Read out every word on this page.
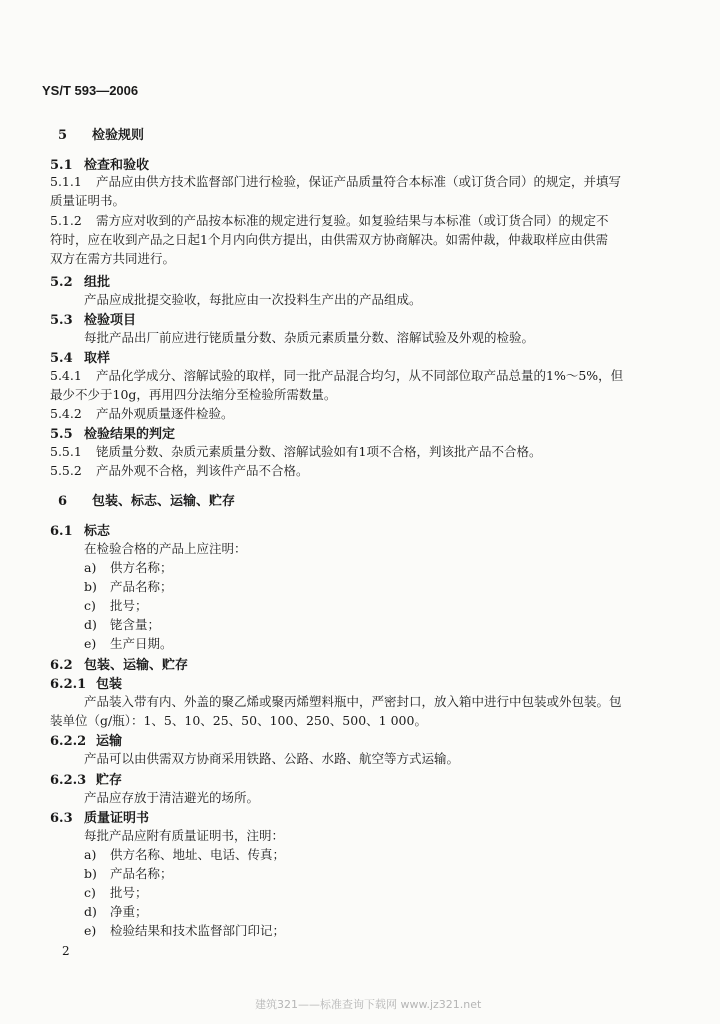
YS/T 593—2006
5 检验规则
5.1 检查和验收
5.1.1 产品应由供方技术监督部门进行检验，保证产品质量符合本标准（或订货合同）的规定，并填写
质量证明书。
5.1.2 需方应对收到的产品按本标准的规定进行复验。如复验结果与本标准（或订货合同）的规定不
符时，应在收到产品之日起1个月内向供方提出，由供需双方协商解决。如需仲裁，仲裁取样应由供需
双方在需方共同进行。
5.2 组批
产品应成批提交验收，每批应由一次投料生产出的产品组成。
5.3 检验项目
每批产品出厂前应进行铑质量分数、杂质元素质量分数、溶解试验及外观的检验。
5.4 取样
5.4.1 产品化学成分、溶解试验的取样，同一批产品混合均匀，从不同部位取产品总量的1%～5%，但
最少不少于10g，再用四分法缩分至检验所需数量。
5.4.2 产品外观质量逐件检验。
5.5 检验结果的判定
5.5.1 铑质量分数、杂质元素质量分数、溶解试验如有1项不合格，判该批产品不合格。
5.5.2 产品外观不合格，判该件产品不合格。
6 包装、标志、运输、贮存
6.1 标志
在检验合格的产品上应注明：
a) 供方名称；
b) 产品名称；
c) 批号；
d) 铑含量；
e) 生产日期。
6.2 包装、运输、贮存
6.2.1 包装
产品装入带有内、外盖的聚乙烯或聚丙烯塑料瓶中，严密封口，放入箱中进行中包装或外包装。包
装单位（g/瓶）：1、5、10、25、50、100、250、500、1 000。
6.2.2 运输
产品可以由供需双方协商采用铁路、公路、水路、航空等方式运输。
6.2.3 贮存
产品应存放于清洁避光的场所。
6.3 质量证明书
每批产品应附有质量证明书，注明：
a) 供方名称、地址、电话、传真；
b) 产品名称；
c) 批号；
d) 净重；
e) 检验结果和技术监督部门印记；
2
建筑321——标准查询下载网 www.jz321.net
